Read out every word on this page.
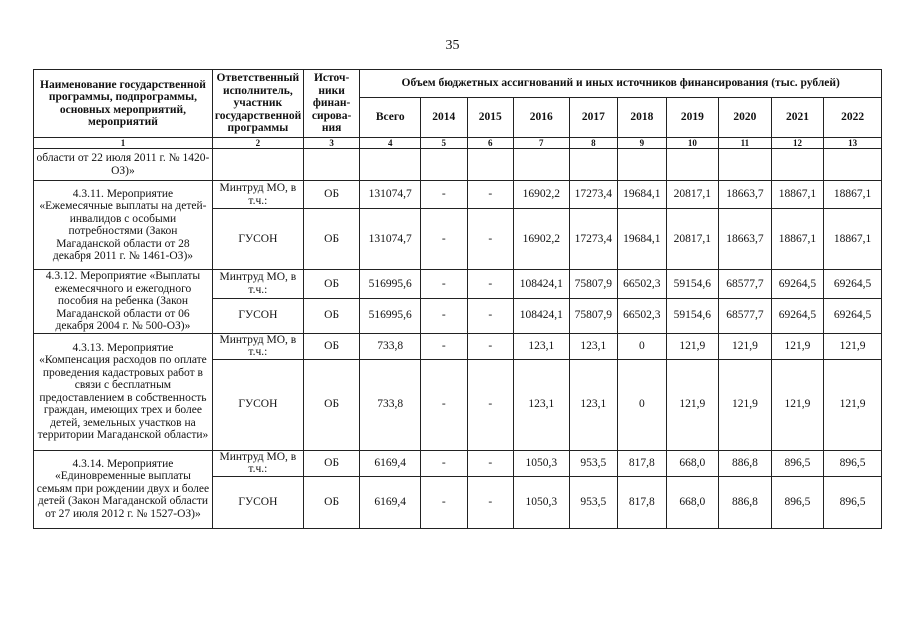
35
Наименование государственной программы, подпрограммы, основных мероприятий, мероприятий	Ответственный исполнитель, участник государственной программы	Источ-ники финан-сирова-ния	Объем бюджетных ассигнований и иных источников финансирования (тыс. рублей)									
			Всего	2014	2015	2016	2017	2018	2019	2020	2021	2022
1	2	3	4	5	6	7	8	9	10	11	12	13
области от 22 июля 2011 г. № 1420-ОЗ)»												
4.3.11. Мероприятие «Ежемесячные выплаты на детей-инвалидов с особыми потребностями (Закон Магаданской области от 28 декабря 2011 г. № 1461-ОЗ)»	Минтруд МО, в т.ч.:	ОБ	131074,7	-	-	16902,2	17273,4	19684,1	20817,1	18663,7	18867,1	18867,1
	ГУСОН	ОБ	131074,7	-	-	16902,2	17273,4	19684,1	20817,1	18663,7	18867,1	18867,1
4.3.12. Мероприятие «Выплаты ежемесячного и ежегодного пособия на ребенка (Закон Магаданской области от 06 декабря 2004 г. № 500-ОЗ)»	Минтруд МО, в т.ч.:	ОБ	516995,6	-	-	108424,1	75807,9	66502,3	59154,6	68577,7	69264,5	69264,5
	ГУСОН	ОБ	516995,6	-	-	108424,1	75807,9	66502,3	59154,6	68577,7	69264,5	69264,5
4.3.13. Мероприятие «Компенсация расходов по оплате проведения кадастровых работ в связи с бесплатным предоставлением в собственность граждан, имеющих трех и более детей, земельных участков на территории Магаданской области»	Минтруд МО, в т.ч.:	ОБ	733,8	-	-	123,1	123,1	0	121,9	121,9	121,9	121,9
	ГУСОН	ОБ	733,8	-	-	123,1	123,1	0	121,9	121,9	121,9	121,9
4.3.14. Мероприятие «Единовременные выплаты семьям при рождении двух и более детей (Закон Магаданской области от 27 июля 2012 г. № 1527-ОЗ)»	Минтруд МО, в т.ч.:	ОБ	6169,4	-	-	1050,3	953,5	817,8	668,0	886,8	896,5	896,5
	ГУСОН	ОБ	6169,4	-	-	1050,3	953,5	817,8	668,0	886,8	896,5	896,5
